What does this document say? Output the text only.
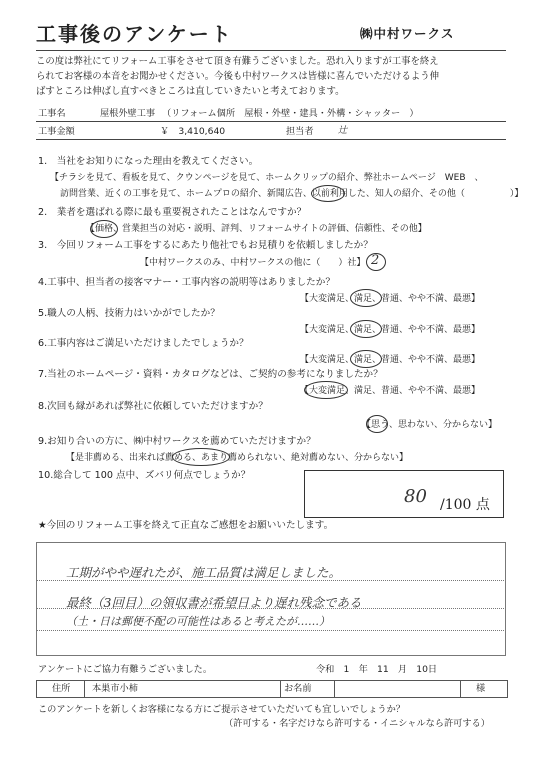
工事後のアンケート	㈱中村ワークス
この度は弊社にてリフォーム工事をさせて頂き有難うございました。恐れ入りますが工事を終え
られてお客様の本音をお聞かせください。今後も中村ワークスは皆様に喜んでいただけるよう伸
ばすところは伸ばし直すべきところは直していきたいと考えております。
工事名	屋根外壁工事 （リフォーム個所　屋根・外壁・建具・外構・シャッター　）
工事金額	￥　3,410,640	担当者	辻
1.　当社をお知りになった理由を教えてください。
【チラシを見て、看板を見て、クウンページを見て、ホームクリップの紹介、弊社ホームページ　WEB　、
訪問営業、近くの工事を見て、ホームプロの紹介、新聞広告、以前利用した、知人の紹介、その他（　　　　　）】
2.　業者を選ばれる際に最も重要視されたことはなんですか？
【価格、営業担当の対応・説明、評判、リフォームサイトの評価、信頼性、その他】
3.　今回リフォーム工事をするにあたり他社でもお見積りを依頼しましたか？
【中村ワークスのみ、中村ワークスの他に（　　）社】 2
4.工事中、担当者の接客マナー・工事内容の説明等はありましたか？
【大変満足、満足、普通、やや不満、最悪】
5.職人の人柄、技術力はいかがでしたか？
【大変満足、満足、普通、やや不満、最悪】
6.工事内容はご満足いただけましたでしょうか？
【大変満足、満足、普通、やや不満、最悪】
7.当社のホームページ・資料・カタログなどは、ご契約の参考になりましたか？
【大変満足、満足、普通、やや不満、最悪】
8.次回も縁があれば弊社に依頼していただけますか？
【思う、思わない、分からない】
9.お知り合いの方に、㈱中村ワークスを薦めていただけますか？
【是非薦める、出来れば薦める、あまり薦められない、絶対薦めない、分からない】
10.総合して 100 点中、ズバリ何点でしょうか？
80 /100 点
★今回のリフォーム工事を終えて正直なご感想をお願いいたします。
工期がやや遅れたが、施工品質は満足しました。
最終（3回目）の領収書が希望日より遅れ残念である
（土・日は郵便不配の可能性はあると考えたが……）
アンケートにご協力有難うございました。	令和　1　年　11　月　10日
住所 本巣市小柿	お名前	様
このアンケートを新しくお客様になる方にご提示させていただいても宜しいでしょうか？
（許可する・名字だけなら許可する・イニシャルなら許可する）
